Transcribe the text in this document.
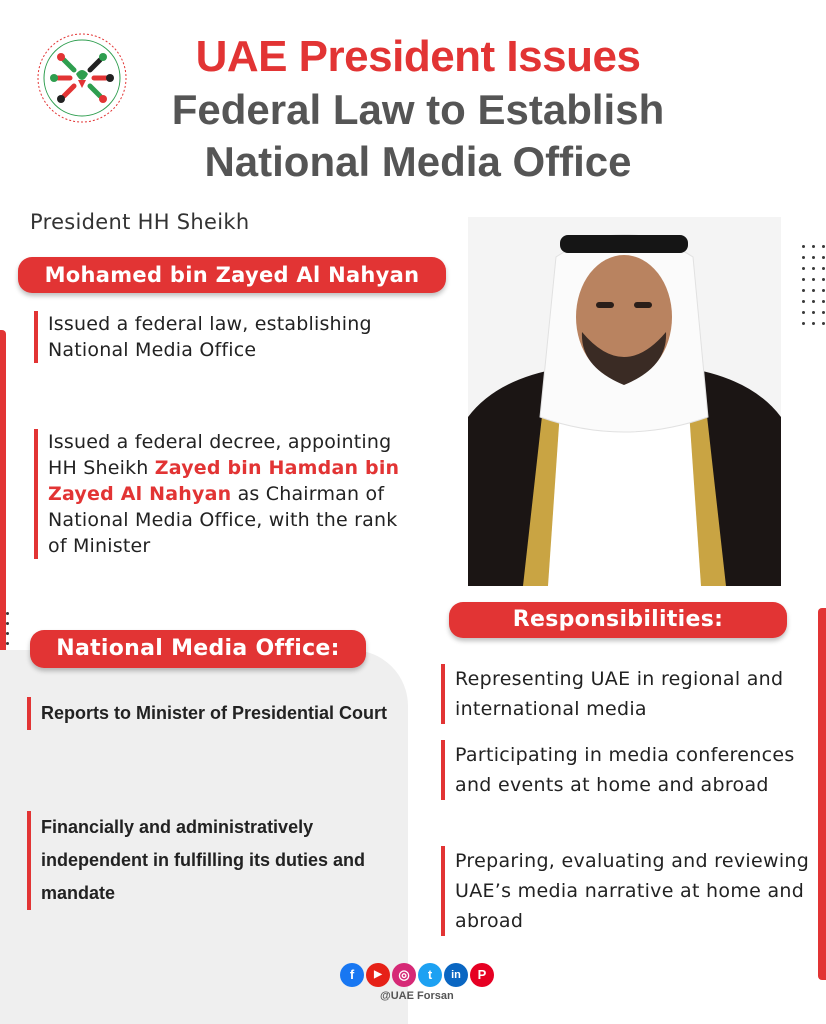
UAE President Issues
Federal Law to Establish
National Media Office
President HH Sheikh
Mohamed bin Zayed Al Nahyan
Issued a federal law, establishing National Media Office
Issued a federal decree, appointing HH Sheikh Zayed bin Hamdan bin Zayed Al Nahyan as Chairman of National Media Office, with the rank of Minister
National Media Office:
Reports to Minister of Presidential Court
Financially and administratively independent in fulfilling its duties and mandate
Responsibilities:
Representing UAE in regional and international media
Participating in media conferences and events at home and abroad
Preparing, evaluating and reviewing UAE’s media narrative at home and abroad
f	▶	◎	t	in	P
@UAE Forsan
